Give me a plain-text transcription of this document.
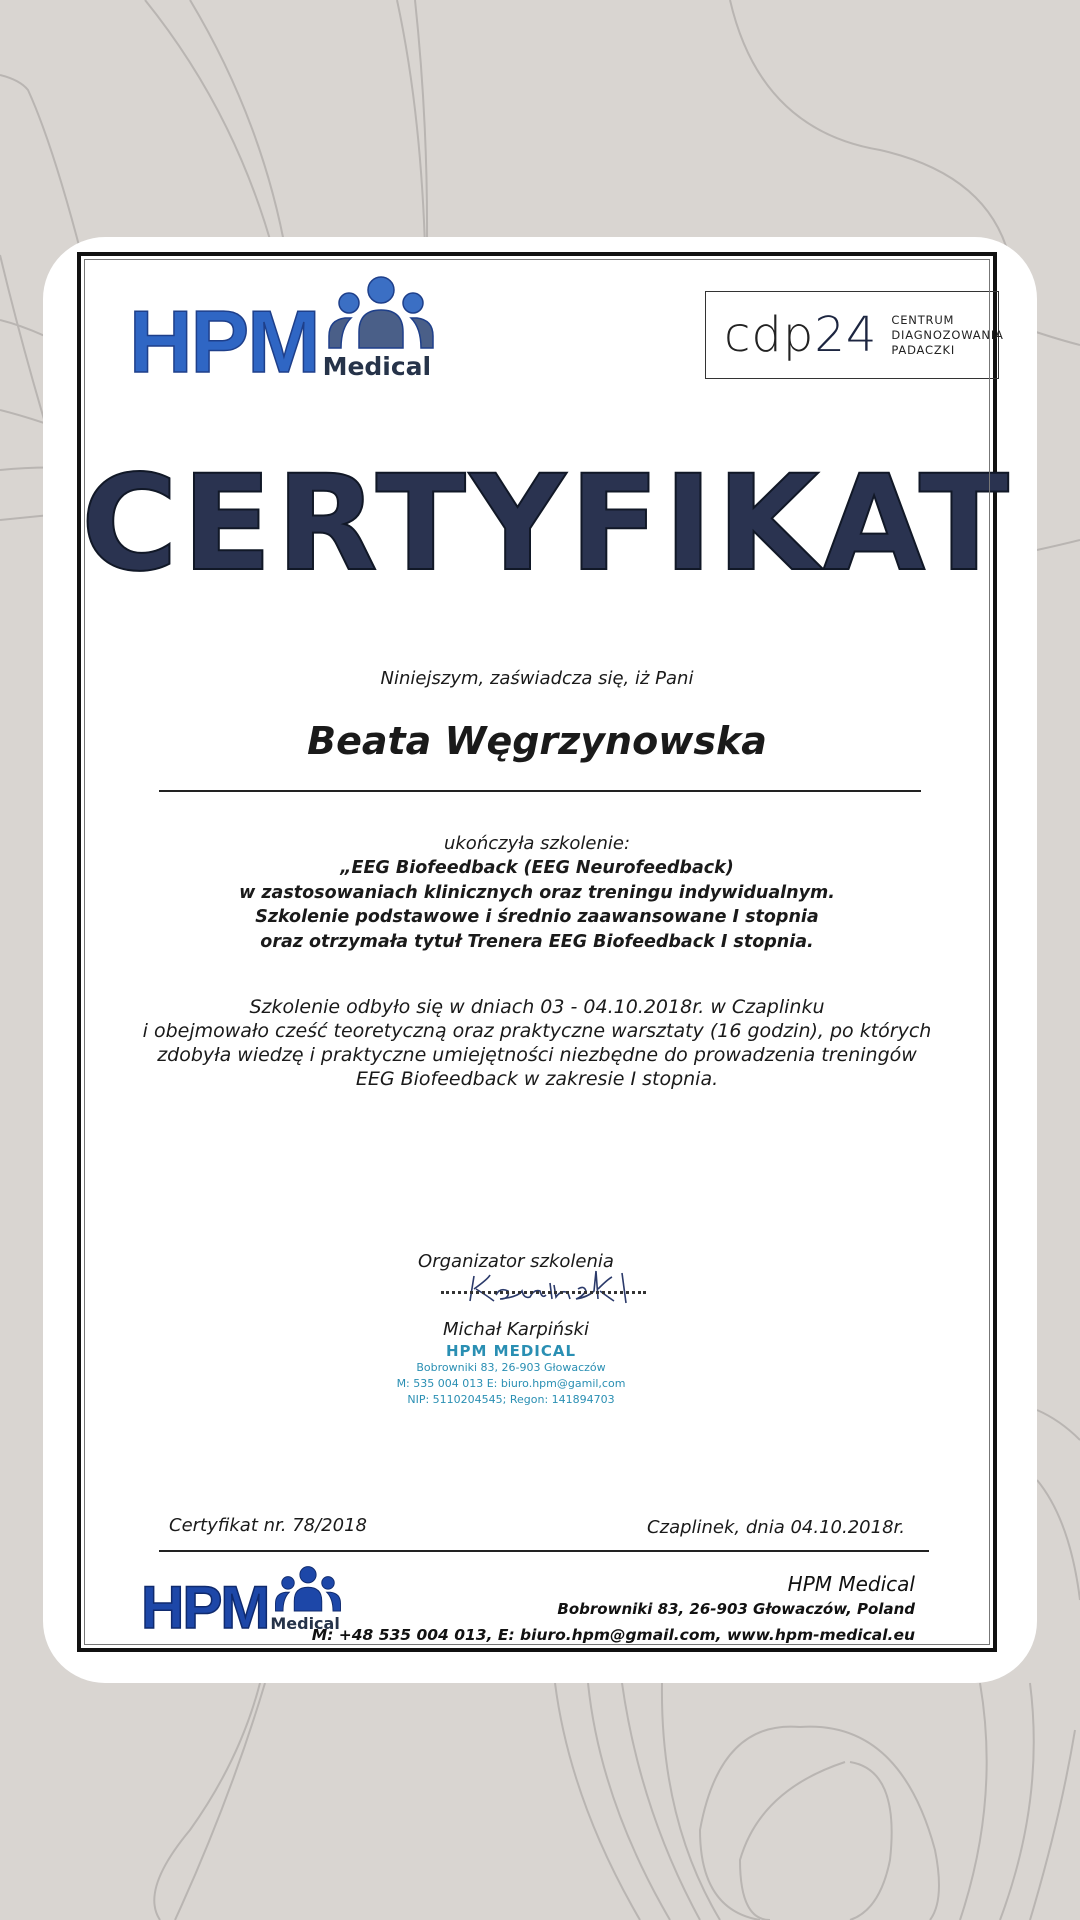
HPM Medical
cdp24 CENTRUM
DIAGNOZOWANIA
PADACZKI
CERTYFIKAT
Niniejszym, zaświadcza się, iż Pani
Beata Węgrzynowska
ukończyła szkolenie:
„EEG Biofeedback (EEG Neurofeedback)
w zastosowaniach klinicznych oraz treningu indywidualnym.
Szkolenie podstawowe i średnio zaawansowane I stopnia
oraz otrzymała tytuł Trenera EEG Biofeedback I stopnia.
Szkolenie odbyło się w dniach 03 - 04.10.2018r. w Czaplinku
i obejmowało cześć teoretyczną oraz praktyczne warsztaty (16 godzin), po których
zdobyła wiedzę i praktyczne umiejętności niezbędne do prowadzenia treningów
EEG Biofeedback w zakresie I stopnia.
Organizator szkolenia
Michał Karpiński
HPM MEDICAL
Bobrowniki 83, 26-903 Głowaczów
M: 535 004 013 E: biuro.hpm@gamil,com
NIP: 5110204545; Regon: 141894703
Certyfikat nr. 78/2018	Czaplinek, dnia 04.10.2018r.
HPM Medical
HPM Medical
Bobrowniki 83, 26-903 Głowaczów, Poland
M: +48 535 004 013, E: biuro.hpm@gmail.com, www.hpm-medical.eu
